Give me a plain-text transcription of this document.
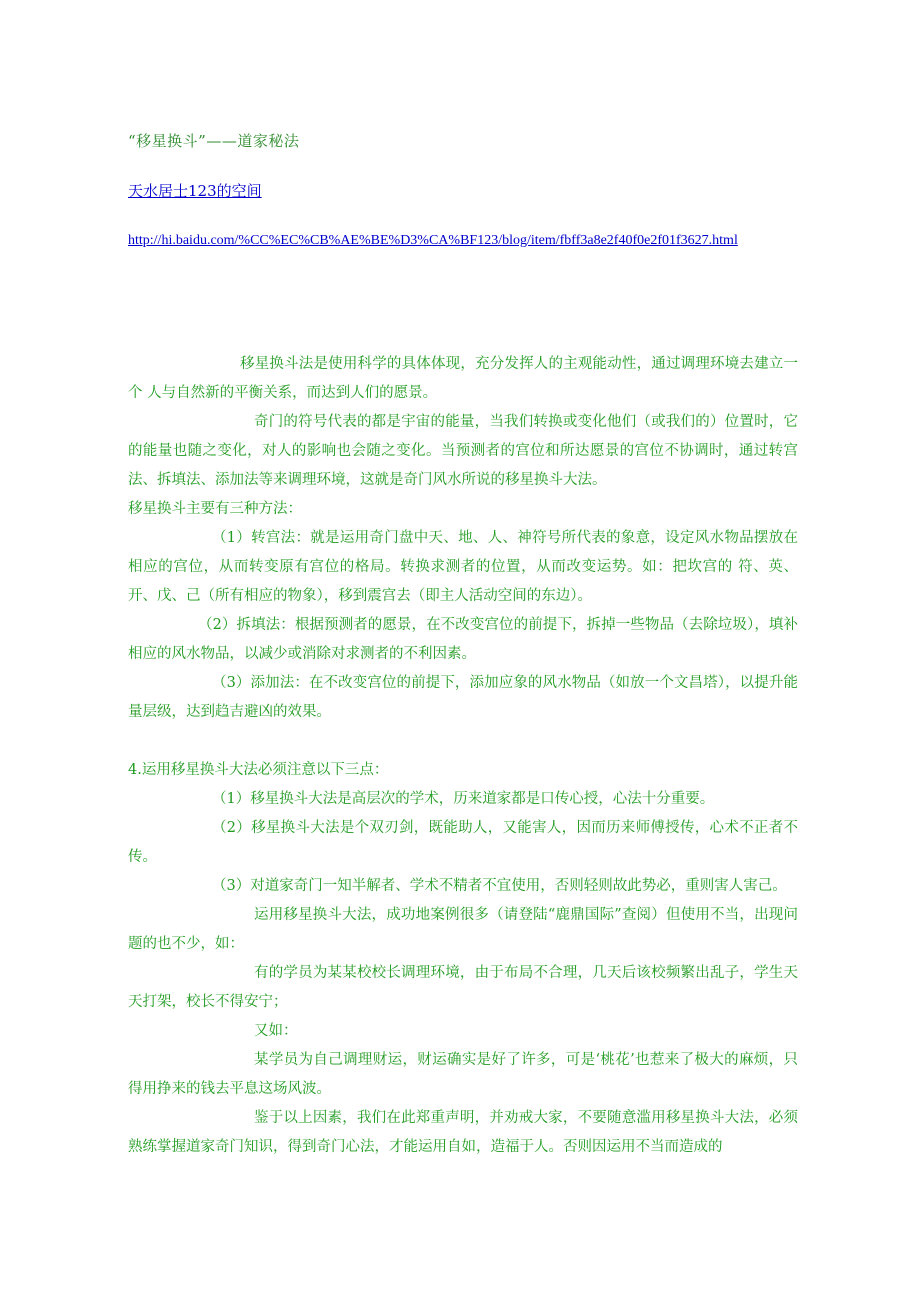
“移星换斗”——道家秘法
天水居士123的空间
http://hi.baidu.com/%CC%EC%CB%AE%BE%D3%CA%BF123/blog/item/fbff3a8e2f40f0e2f01f3627.html

移星换斗法是使用科学的具体体现，充分发挥人的主观能动性，通过调理环境去建立一个 人与自然新的平衡关系，而达到人们的愿景。

奇门的符号代表的都是宇宙的能量，当我们转换或变化他们（或我们的）位置时，它的能量也随之变化，对人的影响也会随之变化。当预测者的宫位和所达愿景的宫位不协调时，通过转宫法、拆填法、添加法等来调理环境，这就是奇门风水所说的移星换斗大法。

移星换斗主要有三种方法：

（1）转宫法：就是运用奇门盘中天、地、人、神符号所代表的象意，设定风水物品摆放在相应的宫位，从而转变原有宫位的格局。转换求测者的位置，从而改变运势。如：把坎宫的 符、英、开、戊、己（所有相应的物象），移到震宫去（即主人活动空间的东边）。

（2）拆填法：根据预测者的愿景，在不改变宫位的前提下，拆掉一些物品（去除垃圾），填补相应的风水物品，以减少或消除对求测者的不利因素。

（3）添加法：在不改变宫位的前提下，添加应象的风水物品（如放一个文昌塔），以提升能量层级，达到趋吉避凶的效果。

4.运用移星换斗大法必须注意以下三点：

（1）移星换斗大法是高层次的学术，历来道家都是口传心授，心法十分重要。

（2）移星换斗大法是个双刃剑，既能助人，又能害人，因而历来师傅授传，心术不正者不传。

（3）对道家奇门一知半解者、学术不精者不宜使用，否则轻则故此势必，重则害人害己。

运用移星换斗大法，成功地案例很多（请登陆“鹿鼎国际”查阅）但使用不当，出现问题的也不少，如：

有的学员为某某校校长调理环境，由于布局不合理，几天后该校频繁出乱子，学生天天打架，校长不得安宁；

又如：

某学员为自己调理财运，财运确实是好了许多，可是‘桃花’也惹来了极大的麻烦，只得用挣来的钱去平息这场风波。

鉴于以上因素，我们在此郑重声明，并劝戒大家，不要随意滥用移星换斗大法，必须熟练掌握道家奇门知识，得到奇门心法，才能运用自如，造福于人。否则因运用不当而造成的
